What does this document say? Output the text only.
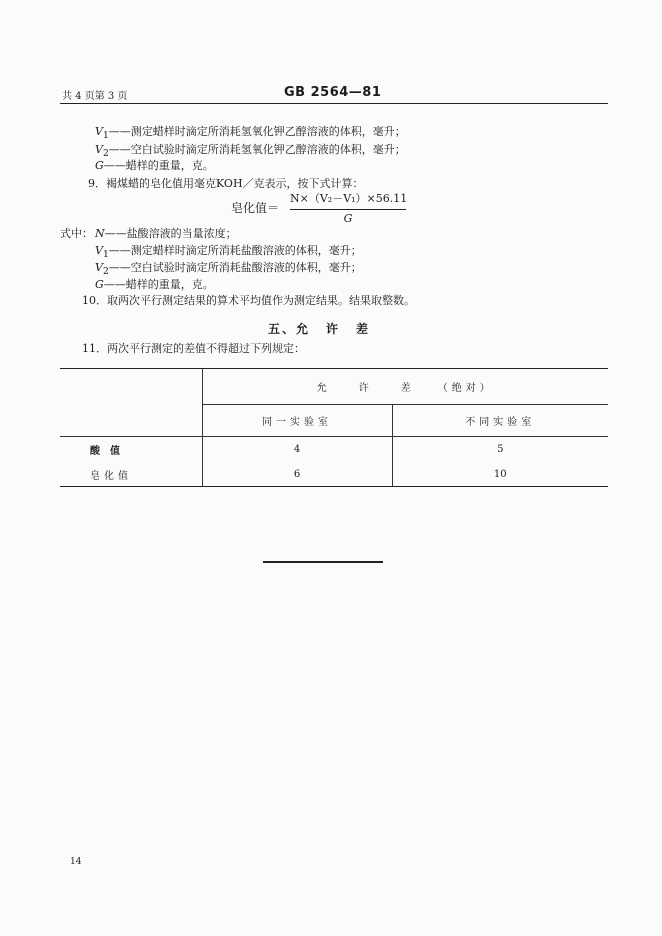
共 4 页第 3 页	GB 2564—81
$V_1——$测定蜡样时滴定所消耗氢氧化钾乙醇溶液的体积，毫升；
$V_2——$空白试验时滴定所消耗氢氧化钾乙醇溶液的体积，毫升；
G——蜡样的重量，克。
9．褐煤蜡的皂化值用毫克KOH／克表示，按下式计算：
皂化值＝ $\frac{\text{N×（V₂－V₁）×56.11}}{G}$
式中： N——盐酸溶液的当量浓度；
$V_1——$测定蜡样时滴定所消耗盐酸溶液的体积，毫升；
$V_2——$空白试验时滴定所消耗盐酸溶液的体积，毫升；
G——蜡样的重量，克。
10．取两次平行测定结果的算术平均值作为测定结果。结果取整数。
五、允 许 差
11．两次平行测定的差值不得超过下列规定：
	允　　许　　差　　（绝对）	
	同一实验室	不同实验室
酸　值	4	5
皂化值	6	10
14
